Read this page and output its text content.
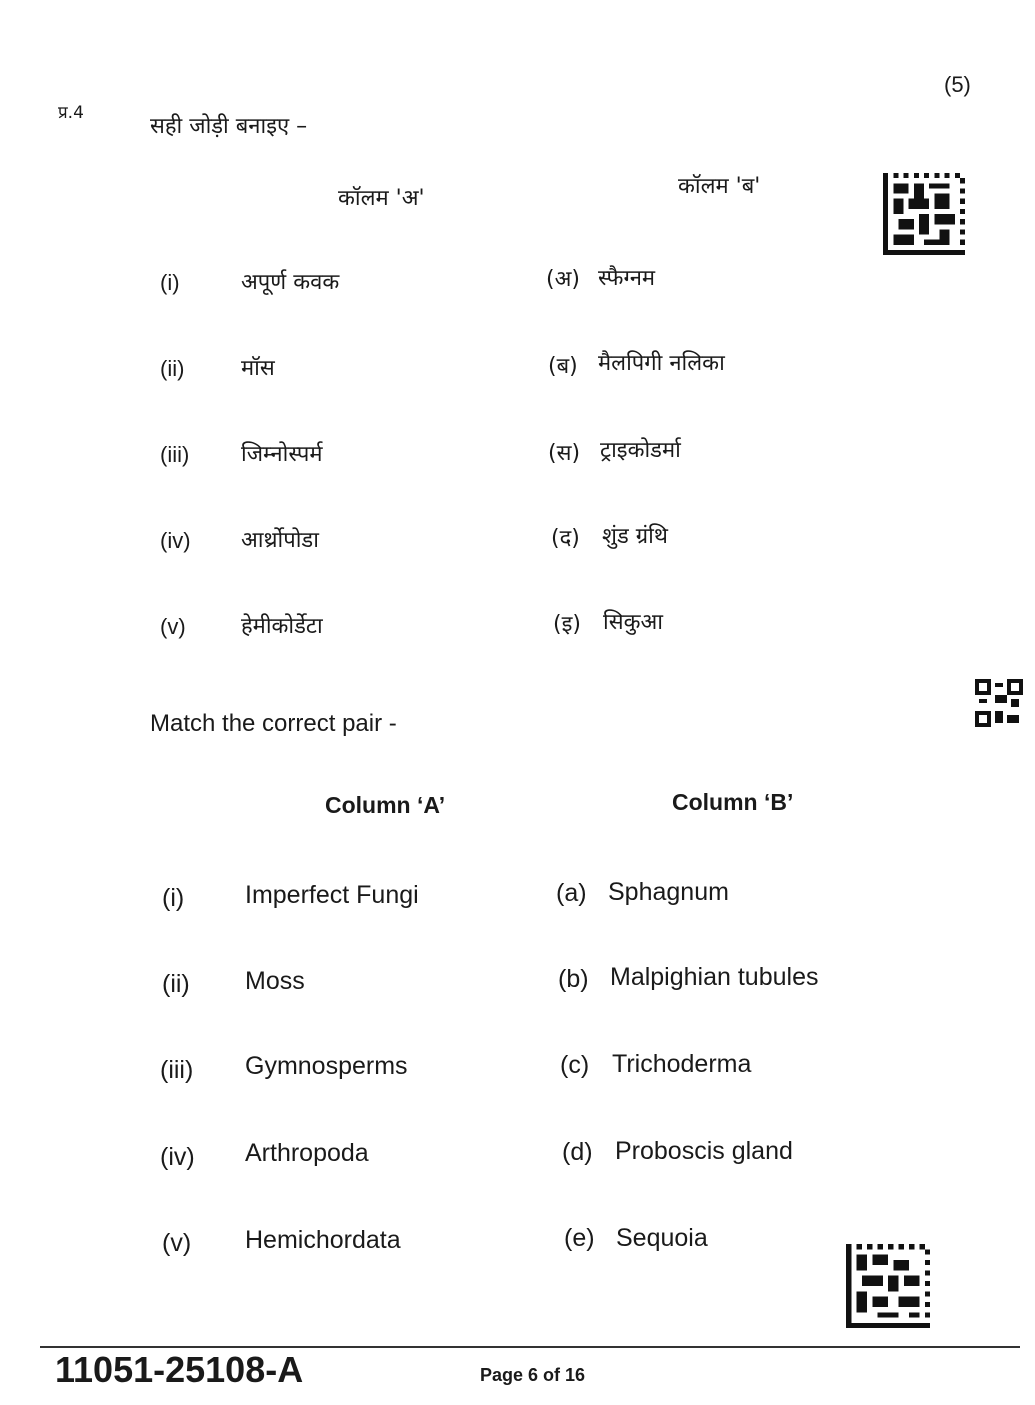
प्र.4
(5)
सही जोड़ी बनाइए –
कॉलम 'अ'	कॉलम 'ब'
(i)	अपूर्ण कवक	(अ) स्फैग्नम
(ii)	मॉस	(ब) मैलपिगी नलिका
(iii) जिम्नोस्पर्म	(स) ट्राइकोडर्मा
(iv) आर्थ्रोपोडा	(द) शुंड ग्रंथि
(v)	हेमीकोर्डेटा	(इ) सिकुआ
Match the correct pair -
Column ‘A’	Column ‘B’
(i) Imperfect Fungi	(a) Sphagnum
(ii) Moss	(b) Malpighian tubules
(iii) Gymnosperms	(c) Trichoderma
(iv) Arthropoda	(d) Proboscis gland
(v) Hemichordata	(e) Sequoia
11051-25108-A	Page 6 of 16
